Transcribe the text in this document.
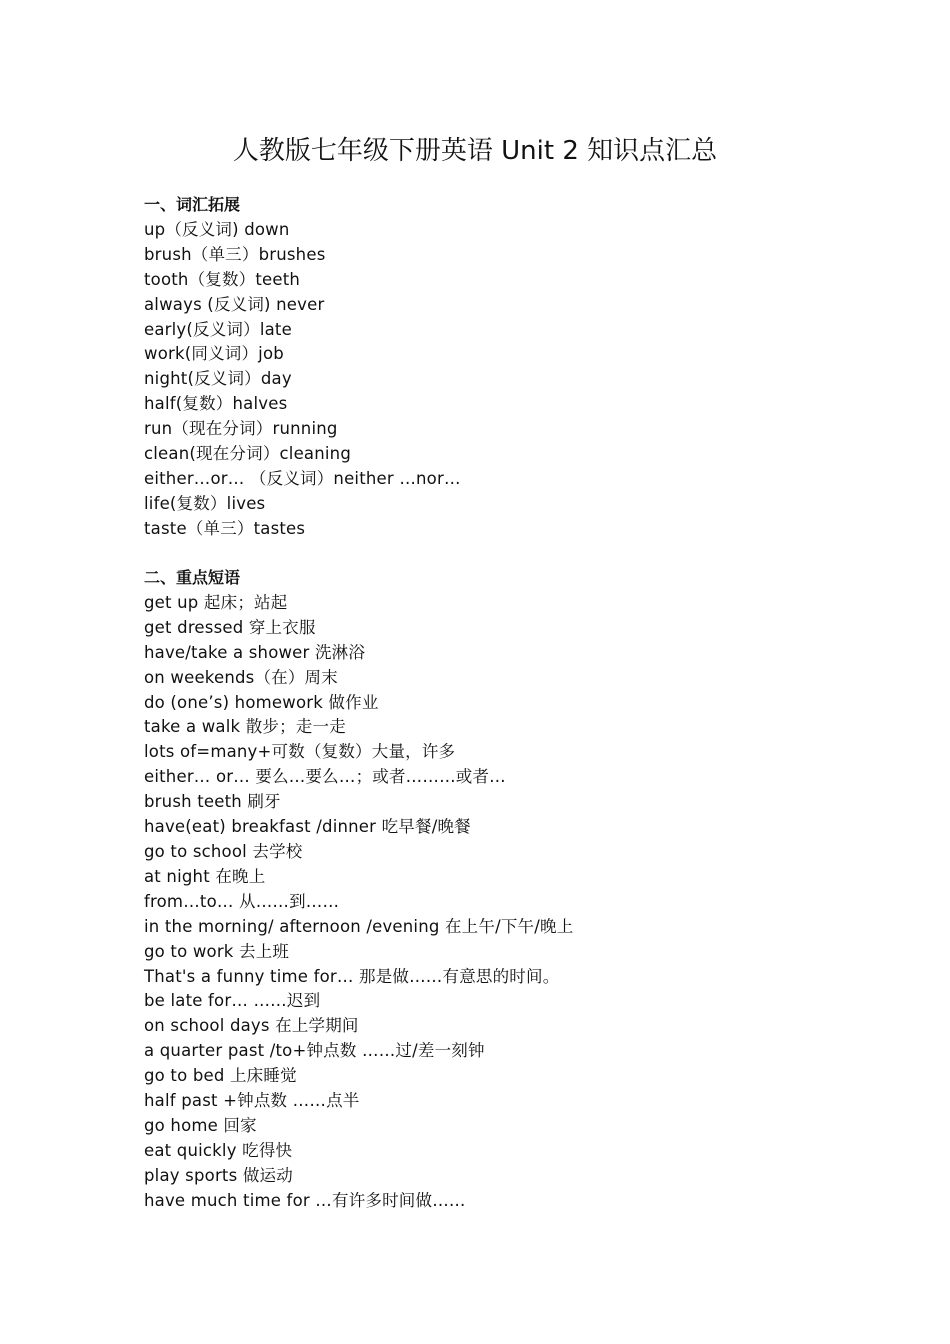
人教版七年级下册英语 Unit 2 知识点汇总
一、词汇拓展
up（反义词) down
brush（单三）brushes
tooth（复数）teeth
always (反义词) never
early(反义词）late
work(同义词）job
night(反义词）day
half(复数）halves
run（现在分词）running
clean(现在分词）cleaning
either…or… （反义词）neither …nor…
life(复数）lives
taste（单三）tastes
二、重点短语
get up 起床；站起
get dressed 穿上衣服
have/take a shower 洗淋浴
on weekends（在）周末
do (one’s) homework 做作业
take a walk 散步；走一走
lots of=many+可数（复数）大量，许多
either… or… 要么…要么…；或者………或者…
brush teeth 刷牙
have(eat) breakfast /dinner 吃早餐/晚餐
go to school 去学校
at night 在晚上
from…to… 从……到……
in the morning/ afternoon /evening 在上午/下午/晚上
go to work 去上班
That's a funny time for… 那是做……有意思的时间。
be late for… ……迟到
on school days 在上学期间
a quarter past /to+钟点数 ……过/差一刻钟
go to bed 上床睡觉
half past +钟点数 ……点半
go home 回家
eat quickly 吃得快
play sports 做运动
have much time for …有许多时间做……
